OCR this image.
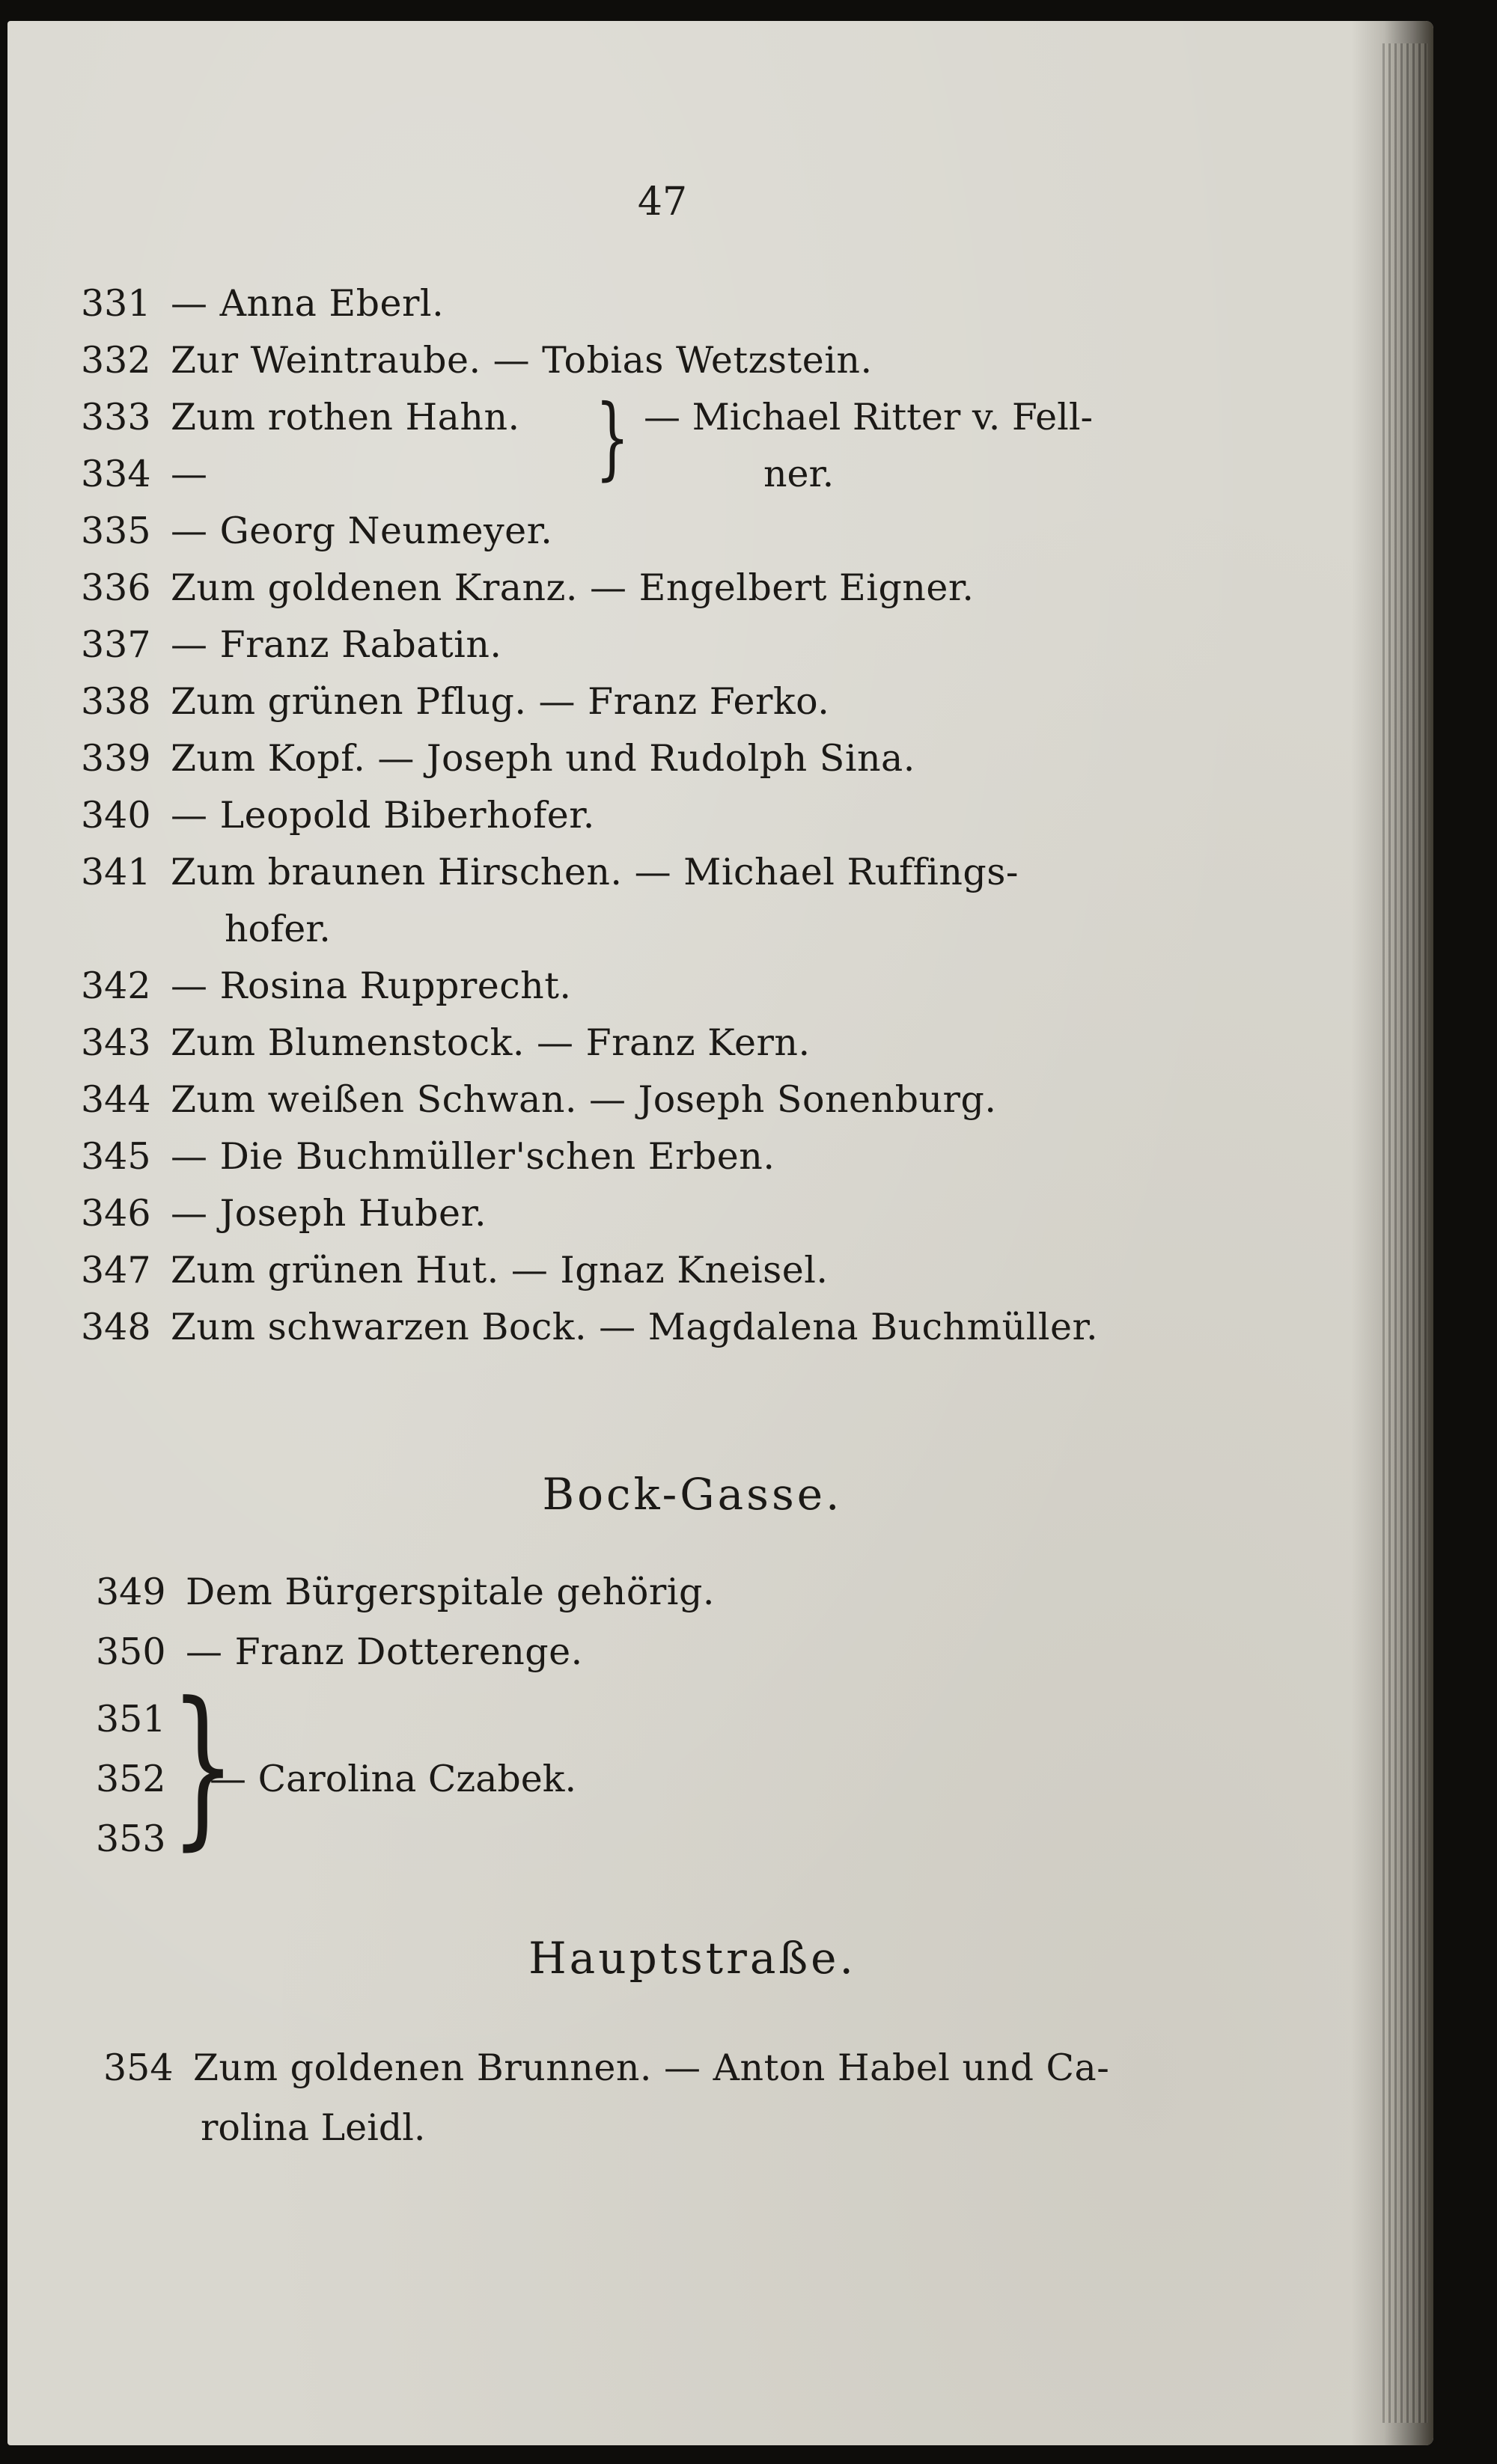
47
331 — Anna Eberl.
332 Zur Weintraube. — Tobias Wetzstein.
333 Zum rothen Hahn.
334 —	} — Michael Ritter v. Fell-
ner.
335 — Georg Neumeyer.
336 Zum goldenen Kranz. — Engelbert Eigner.
337 — Franz Rabatin.
338 Zum grünen Pflug. — Franz Ferko.
339 Zum Kopf. — Joseph und Rudolph Sina.
340 — Leopold Biberhofer.
341 Zum braunen Hirschen. — Michael Ruffings-
hofer.
342 — Rosina Rupprecht.
343 Zum Blumenstock. — Franz Kern.
344 Zum weißen Schwan. — Joseph Sonenburg.
345 — Die Buchmüller'schen Erben.
346 — Joseph Huber.
347 Zum grünen Hut. — Ignaz Kneisel.
348 Zum schwarzen Bock. — Magdalena Buchmüller.
Bock-Gasse.
349 Dem Bürgerspitale gehörig.
350 — Franz Dotterenge.
351
352
353 }
— Carolina Czabek.
Hauptstraße.
354 Zum goldenen Brunnen. — Anton Habel und Ca-
rolina Leidl.
